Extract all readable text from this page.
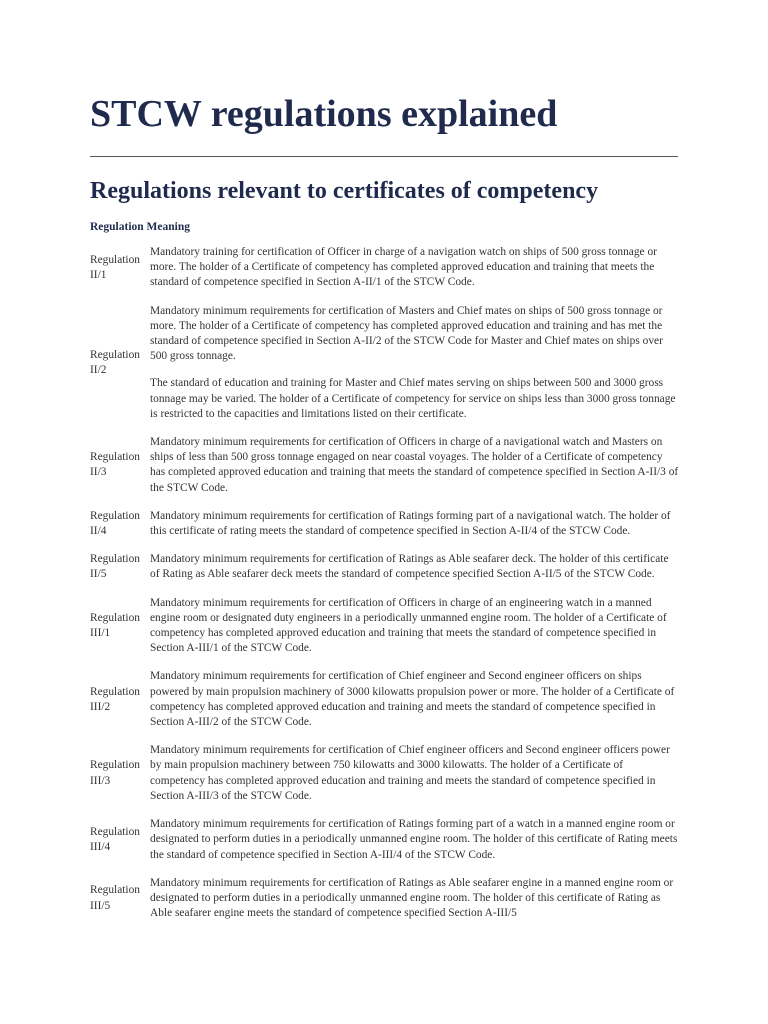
STCW regulations explained
Regulations relevant to certificates of competency
Regulation Meaning
Regulation II/1

Mandatory training for certification of Officer in charge of a navigation watch on ships of 500 gross tonnage or more. The holder of a Certificate of competency has completed approved education and training that meets the standard of competence specified in Section A-II/1 of the STCW Code.

Regulation II/2

Mandatory minimum requirements for certification of Masters and Chief mates on ships of 500 gross tonnage or more. The holder of a Certificate of competency has completed approved education and training and has met the standard of competence specified in Section A-II/2 of the STCW Code for Master and Chief mates on ships over 500 gross tonnage.

The standard of education and training for Master and Chief mates serving on ships between 500 and 3000 gross tonnage may be varied. The holder of a Certificate of competency for service on ships less than 3000 gross tonnage is restricted to the capacities and limitations listed on their certificate.

Regulation II/3

Mandatory minimum requirements for certification of Officers in charge of a navigational watch and Masters on ships of less than 500 gross tonnage engaged on near coastal voyages. The holder of a Certificate of competency has completed approved education and training that meets the standard of competence specified in Section A-II/3 of the STCW Code.

Regulation II/4

Mandatory minimum requirements for certification of Ratings forming part of a navigational watch. The holder of this certificate of rating meets the standard of competence specified in Section A-II/4 of the STCW Code.

Regulation II/5

Mandatory minimum requirements for certification of Ratings as Able seafarer deck. The holder of this certificate of Rating as Able seafarer deck meets the standard of competence specified Section A-II/5 of the STCW Code.

Regulation III/1

Mandatory minimum requirements for certification of Officers in charge of an engineering watch in a manned engine room or designated duty engineers in a periodically unmanned engine room. The holder of a Certificate of competency has completed approved education and training that meets the standard of competence specified in Section A-III/1 of the STCW Code.

Regulation III/2

Mandatory minimum requirements for certification of Chief engineer and Second engineer officers on ships powered by main propulsion machinery of 3000 kilowatts propulsion power or more. The holder of a Certificate of competency has completed approved education and training and meets the standard of competence specified in Section A-III/2 of the STCW Code.

Regulation III/3

Mandatory minimum requirements for certification of Chief engineer officers and Second engineer officers power by main propulsion machinery between 750 kilowatts and 3000 kilowatts. The holder of a Certificate of competency has completed approved education and training and meets the standard of competence specified in Section A-III/3 of the STCW Code.

Regulation III/4

Mandatory minimum requirements for certification of Ratings forming part of a watch in a manned engine room or designated to perform duties in a periodically unmanned engine room. The holder of this certificate of Rating meets the standard of competence specified in Section A-III/4 of the STCW Code.

Regulation III/5

Mandatory minimum requirements for certification of Ratings as Able seafarer engine in a manned engine room or designated to perform duties in a periodically unmanned engine room. The holder of this certificate of Rating as Able seafarer engine meets the standard of competence specified Section A-III/5
